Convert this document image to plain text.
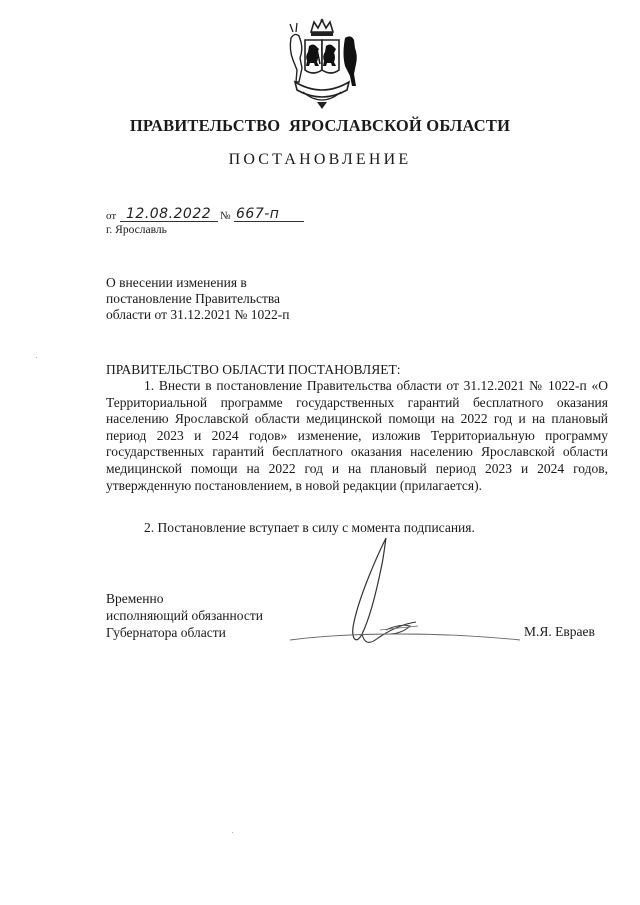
ПРАВИТЕЛЬСТВО  ЯРОСЛАВСКОЙ ОБЛАСТИ
ПОСТАНОВЛЕНИЕ
от 12.08.2022 № 667-п
г. Ярославль
О внесении изменения в
постановление Правительства
области от 31.12.2021 № 1022-п
ПРАВИТЕЛЬСТВО ОБЛАСТИ ПОСТАНОВЛЯЕТ:

1. Внести в постановление Правительства области от 31.12.2021 № 1022-п «О Территориальной программе государственных гарантий бесплатного оказания населению Ярославской области медицинской помощи на 2022 год и на плановый период 2023 и 2024 годов» изменение, изложив Территориальную программу государственных гарантий бесплатного оказания населению Ярославской области медицинской помощи на 2022 год и на плановый период 2023 и 2024 годов, утвержденную постановлением, в новой редакции (прилагается).

2. Постановление вступает в силу с момента подписания.

Временно
исполняющий обязанности
Губернатора области	М.Я. Евраев
